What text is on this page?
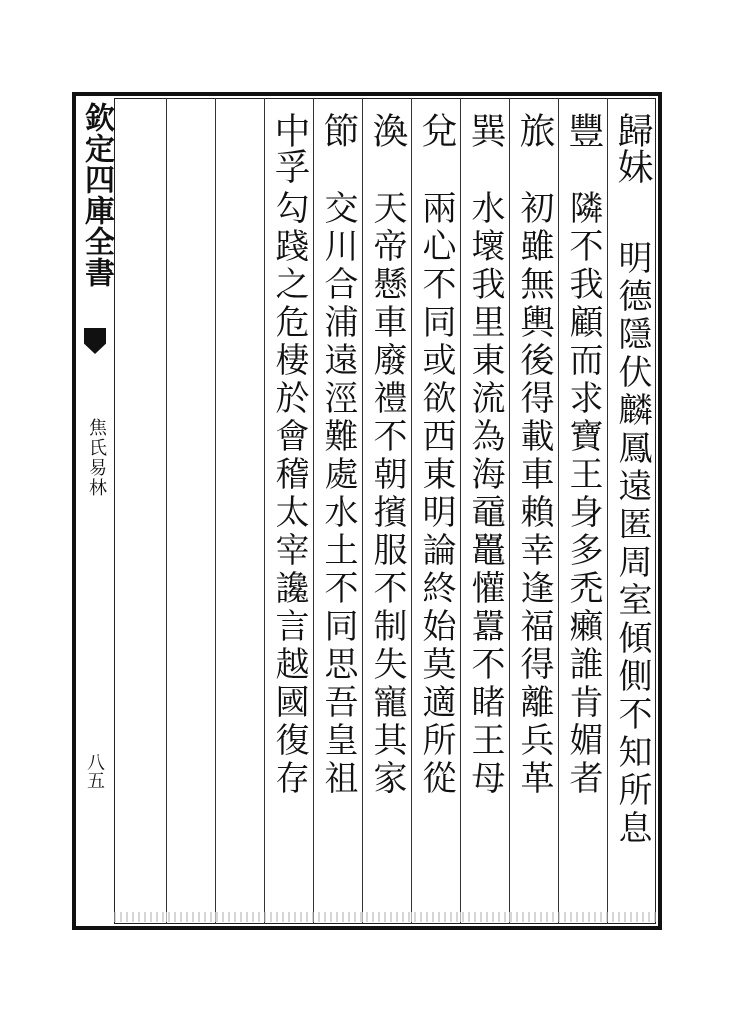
欽定四庫全書
焦氏易林
八五
歸妹
明德隱伏麟鳳遠匿周室傾側不知所息
豐
隣不我顧而求寶王身多禿癩誰肯媚者
旅
初雖無輿後得載車賴幸逢福得離兵革
巽
水壞我里東流為海黿鼉懽囂不睹王母
兌
兩心不同或欲西東明論終始莫適所從
渙
天帝懸車廢禮不朝擯服不制失寵其家
節
交川合浦遠涇難處水土不同思吾皇祖
中孚
勾踐之危棲於會稽太宰讒言越國復存
